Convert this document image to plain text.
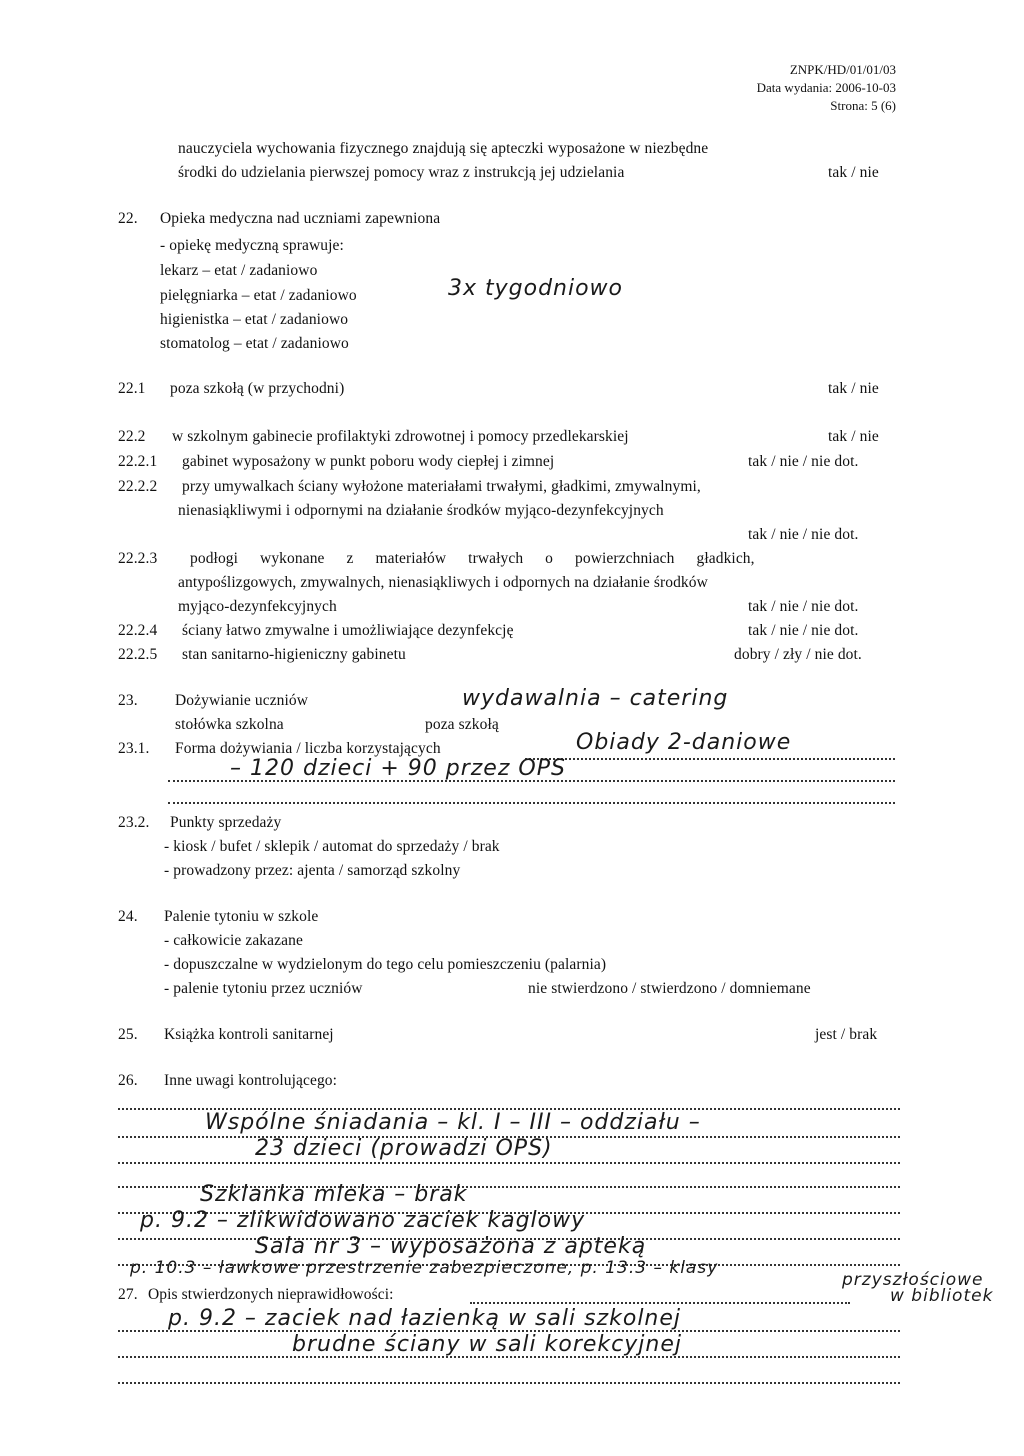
ZNPK/HD/01/01/03
Data wydania: 2006-10-03
Strona: 5 (6)
nauczyciela wychowania fizycznego znajdują się apteczki wyposażone w niezbędne
środki do udzielania pierwszej pomocy wraz z instrukcją jej udzielania	tak / nie
22. Opieka medyczna nad uczniami zapewniona
- opiekę medyczną sprawuje:
lekarz – etat / zadaniowo
pielęgniarka – etat / zadaniowo	3x tygodniowo
higienistka – etat / zadaniowo
stomatolog – etat / zadaniowo
22.1 poza szkołą (w przychodni)	tak / nie
22.2 w szkolnym gabinecie profilaktyki zdrowotnej i pomocy przedlekarskiej	tak / nie
22.2.1 gabinet wyposażony w punkt poboru wody ciepłej i zimnej	tak / nie / nie dot.
22.2.2 przy umywalkach ściany wyłożone materiałami trwałymi, gładkimi, zmywalnymi,
nienasiąkliwymi i odpornymi na działanie środków myjąco-dezynfekcyjnych
tak / nie / nie dot.
22.2.3 podłogi wykonane z materiałów trwałych o powierzchniach gładkich,
antypoślizgowych, zmywalnych, nienasiąkliwych i odpornych na działanie środków
myjąco-dezynfekcyjnych	tak / nie / nie dot.
22.2.4 ściany łatwo zmywalne i umożliwiające dezynfekcję	tak / nie / nie dot.
22.2.5 stan sanitarno-higieniczny gabinetu	dobry / zły / nie dot.
23. Dożywianie uczniów	wydawalnia – catering
stołówka szkolna	poza szkołą
23.1. Forma dożywiania / liczba korzystających	Obiady 2-daniowe
– 120 dzieci + 90 przez OPS
23.2. Punkty sprzedaży
- kiosk / bufet / sklepik / automat do sprzedaży / brak
- prowadzony przez: ajenta / samorząd szkolny
24. Palenie tytoniu w szkole
- całkowicie zakazane
- dopuszczalne w wydzielonym do tego celu pomieszczeniu (palarnia)
- palenie tytoniu przez uczniów	nie stwierdzono / stwierdzono / domniemane
25. Książka kontroli sanitarnej	jest / brak
26. Inne uwagi kontrolującego:
Wspólne śniadania – kl. I – III – oddziału –
23 dzieci (prowadzi OPS)
Szklanka mleka – brak
p. 9.2 – zlikwidowano zaciek kaglowy
Sala nr 3 – wyposażona z apteką
p. 10.3 – ławkowe przestrzenie zabezpieczone, p. 13.3 – klasy
przyszłościowe
w bibliotek
27. Opis stwierdzonych nieprawidłowości:
p. 9.2 – zaciek nad łazienką w sali szkolnej
brudne ściany w sali korekcyjnej
